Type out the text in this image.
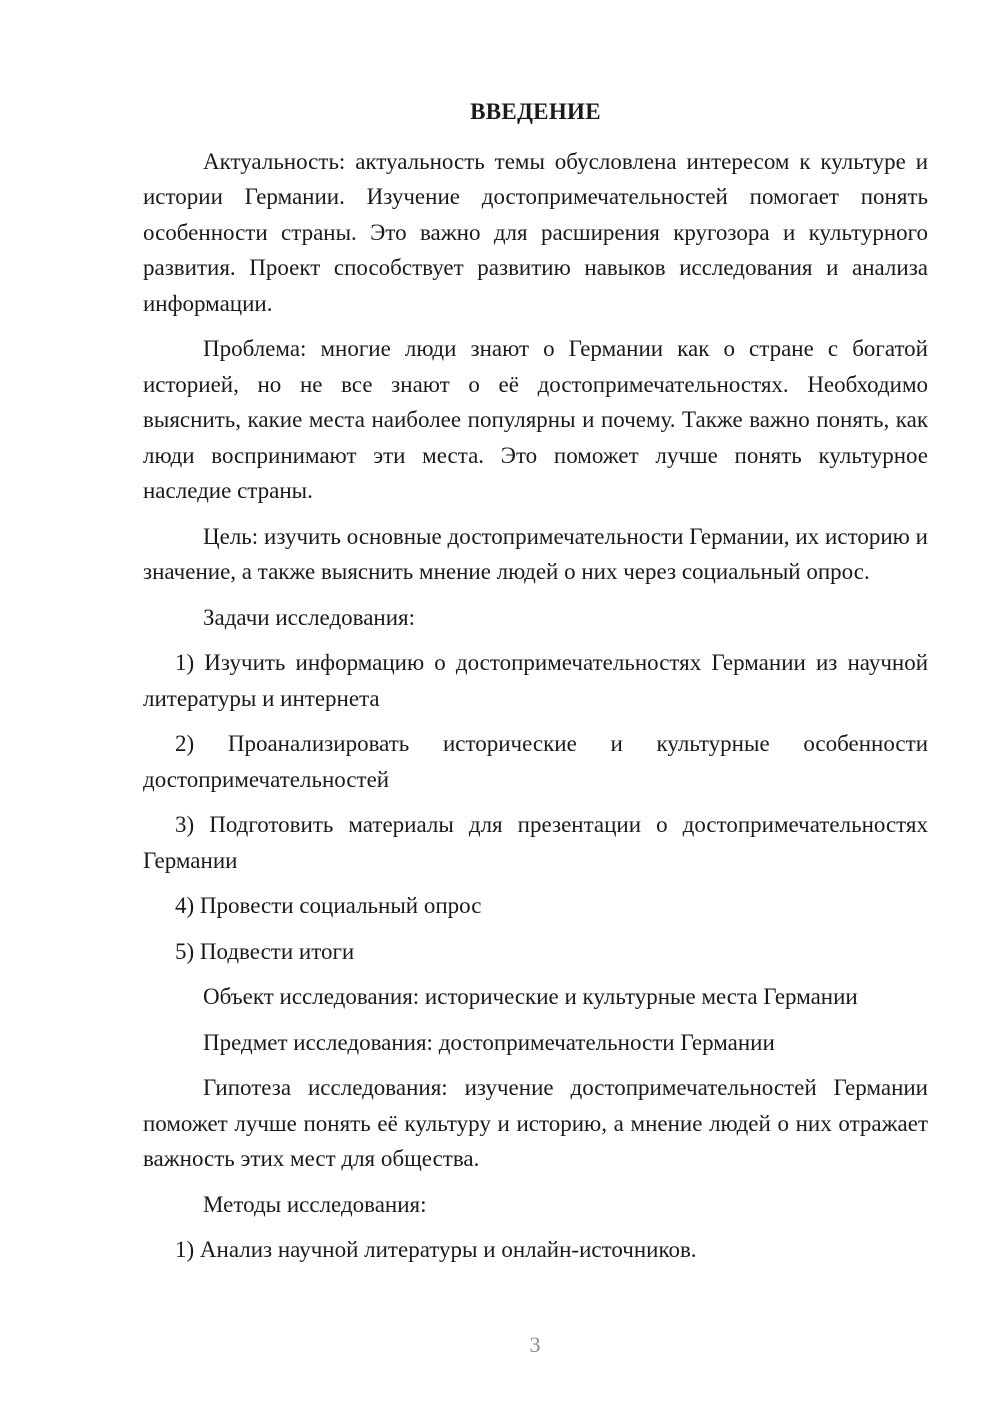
ВВЕДЕНИЕ

Актуальность: актуальность темы обусловлена интересом к культуре и истории Германии. Изучение достопримечательностей помогает понять особенности страны. Это важно для расширения кругозора и культурного развития. Проект способствует развитию навыков исследования и анализа информации.

Проблема: многие люди знают о Германии как о стране с богатой историей, но не все знают о её достопримечательностях. Необходимо выяснить, какие места наиболее популярны и почему. Также важно понять, как люди воспринимают эти места. Это поможет лучше понять культурное наследие страны.

Цель: изучить основные достопримечательности Германии, их историю и значение, а также выяснить мнение людей о них через социальный опрос.

Задачи исследования:

1) Изучить информацию о достопримечательностях Германии из научной литературы и интернета

2) Проанализировать исторические и культурные особенности достопримечательностей

3) Подготовить материалы для презентации о достопримечательностях Германии

4) Провести социальный опрос

5) Подвести итоги

Объект исследования: исторические и культурные места Германии

Предмет исследования: достопримечательности Германии

Гипотеза исследования: изучение достопримечательностей Германии поможет лучше понять её культуру и историю, а мнение людей о них отражает важность этих мест для общества.

Методы исследования:

1) Анализ научной литературы и онлайн-источников.

3
